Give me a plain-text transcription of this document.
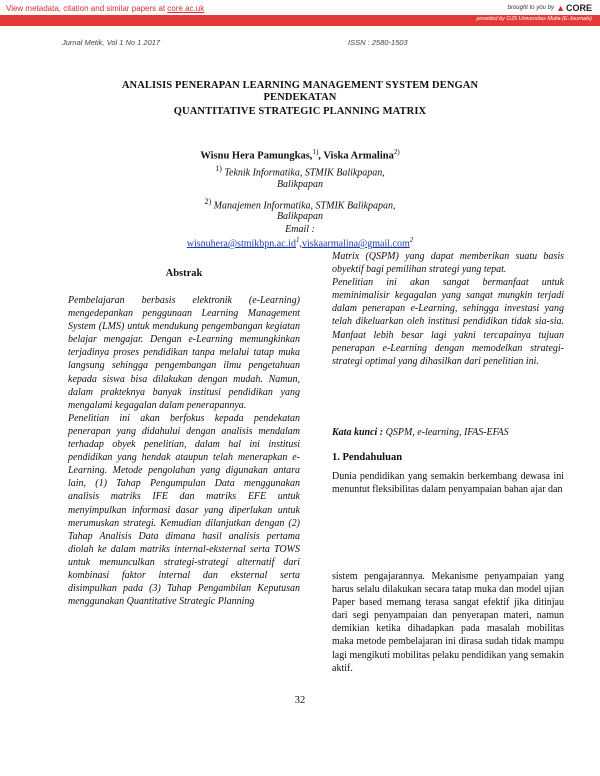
View metadata, citation and similar papers at core.ac.uk	brought to you by ▲CORE
provided by OJS Universitas Mulia (E-Journals)
Jurnal Metik, Vol 1 No 1 2017	ISSN : 2580-1503
ANALISIS PENERAPAN LEARNING MANAGEMENT SYSTEM DENGAN
PENDEKATAN
QUANTITATIVE STRATEGIC PLANNING MATRIX
Wisnu Hera Pamungkas,$^{1)}$, Viska Armalina$^{2)}$
$^{1)}$ Teknik Informatika, STMIK Balikpapan,
Balikpapan
$^{2)}$ Manajemen Informatika, STMIK Balikpapan,
Balikpapan
Email :
$wisnuhera@stmikbpn.ac.id^1,viskaarmalina@gmail.com^2$
Abstrak

Pembelajaran berbasis elektronik (e-Learning) mengedepankan penggunaan Learning Management System (LMS) untuk mendukung pengembangan kegiatan belajar mengajar. Dengan e-Learning memungkinkan terjadinya proses pendidikan tanpa melalui tatap muka langsung sehingga pengembangan ilmu pengetahuan kepada siswa bisa dilakukan dengan mudah. Namun, dalam prakteknya banyak institusi pendidikan yang mengalami kegagalan dalam penerapannya.

Penelitian ini akan berfokus kepada pendekatan penerapan yang didahului dengan analisis mendalam terhadap obyek penelitian, dalam hal ini institusi pendidikan yang hendak ataupun telah menerapkan e- Learning. Metode pengolahan yang digunakan antara lain, (1) Tahap Pengumpulan Data menggunakan analisis matriks IFE dan matriks EFE untuk menyimpulkan informasi dasar yang diperlukan untuk merumuskan strategi. Kemudian dilanjutkan dengan (2) Tahap Analisis Data dimana hasil analisis pertama diolah ke dalam matriks internal-eksternal serta TOWS untuk memunculkan strategi-strategi alternatif dari kombinasi faktor internal dan eksternal serta disimpulkan pada (3) Tahap Pengambilan Keputusan menggunakan Quantitative Strategic Planning

Matrix (QSPM) yang dapat memberikan suatu basis obyektif bagi pemilihan strategi yang tepat.

Penelitian ini akan sangat bermanfaat untuk meminimalisir kegagalan yang sangat mungkin terjadi dalam penerapan e-Learning, sehingga investasi yang telah dikeluarkan oleh institusi pendidikan tidak sia-sia. Manfaat lebih besar lagi yakni tercapainya tujuan penerapan e-Learning dengan memodelkan strategi-strategi optimal yang dihasilkan dari penelitian ini.

Kata kunci : QSPM, e-learning, IFAS-EFAS
1. Pendahuluan
Dunia pendidikan yang semakin berkembang dewasa ini menuntut fleksibilitas dalam penyampaian bahan ajar dan
sistem pengajarannya. Mekanisme penyampaian yang harus selalu dilakukan secara tatap muka dan model ujian Paper based memang terasa sangat efektif jika ditinjau dari segi penyampaian dan penyerapan materi, namun demikian ketika dihadapkan pada masalah mobilitas maka metode pembelajaran ini dirasa sudah tidak mampu lagi mengikuti mobilitas pelaku pendidikan yang semakin aktif.
32
